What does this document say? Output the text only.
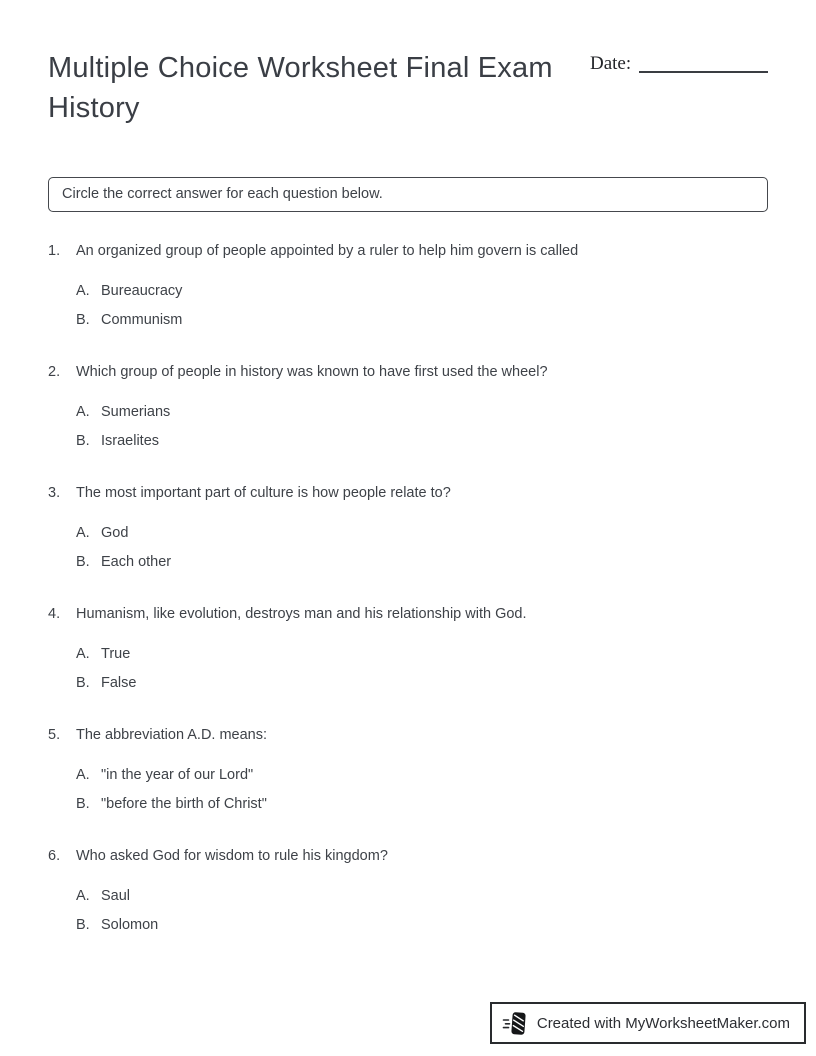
Multiple Choice Worksheet Final Exam History
Date:
Circle the correct answer for each question below.
1.	An organized group of people appointed by a ruler to help him govern is called
A. Bureaucracy
B. Communism
2.	Which group of people in history was known to have first used the wheel?
A. Sumerians
B. Israelites
3.	The most important part of culture is how people relate to?
A. God
B. Each other
4.	Humanism, like evolution, destroys man and his relationship with God.
A. True
B. False
5.	The abbreviation A.D. means:
A. "in the year of our Lord"
B. "before the birth of Christ"
6.	Who asked God for wisdom to rule his kingdom?
A. Saul
B. Solomon
Created with MyWorksheetMaker.com
